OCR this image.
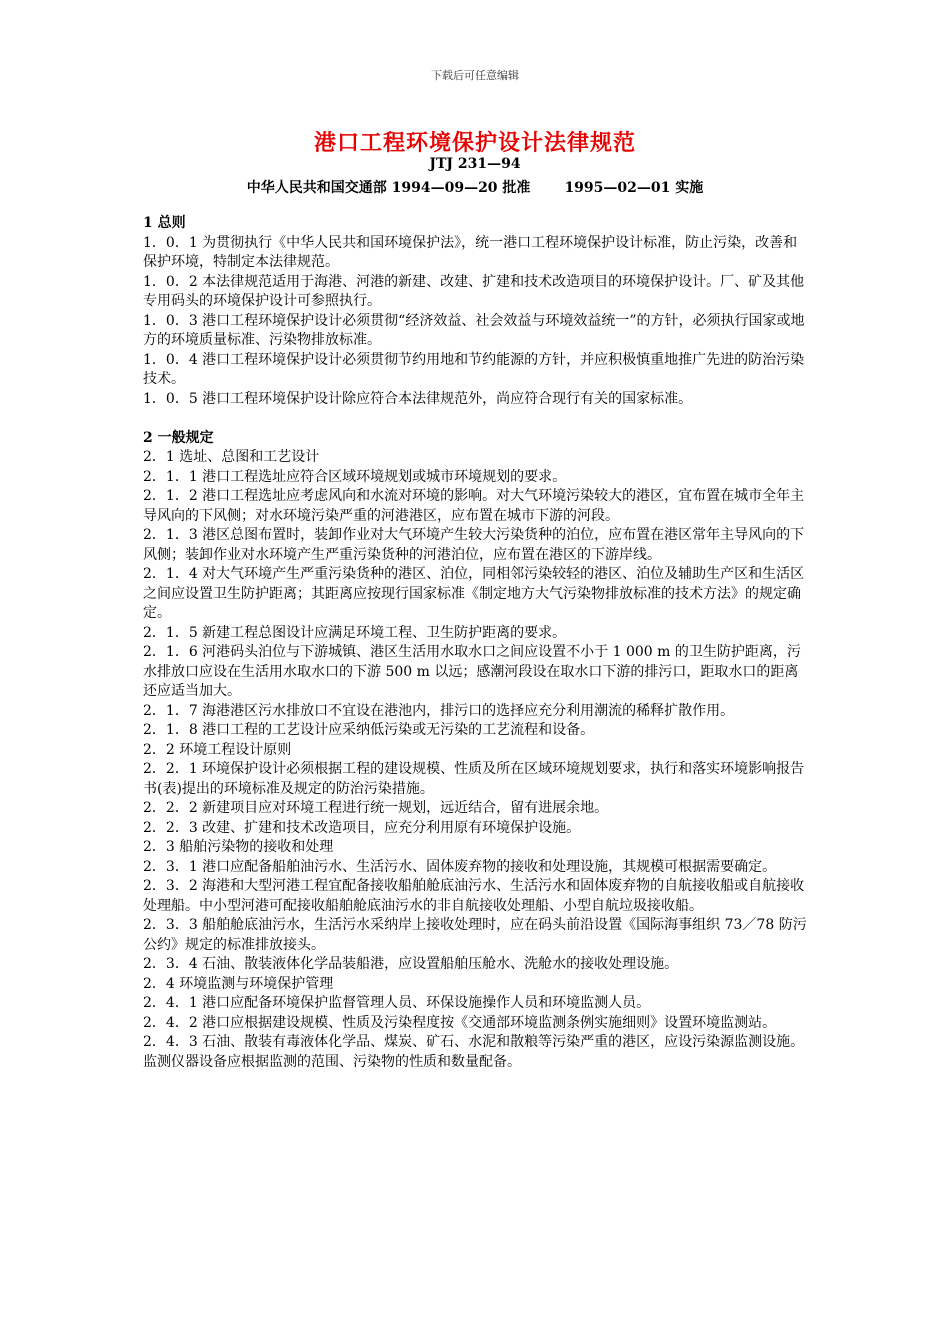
下载后可任意编辑
港口工程环境保护设计法律规范
JTJ 231—94
中华人民共和国交通部 1994—09—20 批准 1995—02—01 实施

1 总则

1．0．1 为贯彻执行《中华人民共和国环境保护法》，统一港口工程环境保护设计标准，防止污染，改善和保护环境，特制定本法律规范。

1．0．2 本法律规范适用于海港、河港的新建、改建、扩建和技术改造项目的环境保护设计。厂、矿及其他专用码头的环境保护设计可参照执行。

1．0．3 港口工程环境保护设计必须贯彻“经济效益、社会效益与环境效益统一”的方针，必须执行国家或地方的环境质量标准、污染物排放标准。

1．0．4 港口工程环境保护设计必须贯彻节约用地和节约能源的方针，并应积极慎重地推广先进的防治污染技术。

1．0．5 港口工程环境保护设计除应符合本法律规范外，尚应符合现行有关的国家标准。

2 一般规定

2．1 选址、总图和工艺设计

2．1．1 港口工程选址应符合区域环境规划或城市环境规划的要求。

2．1．2 港口工程选址应考虑风向和水流对环境的影响。对大气环境污染较大的港区，宜布置在城市全年主导风向的下风侧；对水环境污染严重的河港港区，应布置在城市下游的河段。

2．1．3 港区总图布置时，装卸作业对大气环境产生较大污染货种的泊位，应布置在港区常年主导风向的下风侧；装卸作业对水环境产生严重污染货种的河港泊位，应布置在港区的下游岸线。

2．1．4 对大气环境产生严重污染货种的港区、泊位，同相邻污染较轻的港区、泊位及辅助生产区和生活区之间应设置卫生防护距离；其距离应按现行国家标准《制定地方大气污染物排放标准的技术方法》的规定确定。

2．1．5 新建工程总图设计应满足环境工程、卫生防护距离的要求。

2．1．6 河港码头泊位与下游城镇、港区生活用水取水口之间应设置不小于 1 000 m 的卫生防护距离，污水排放口应设在生活用水取水口的下游 500 m 以远；感潮河段设在取水口下游的排污口，距取水口的距离还应适当加大。

2．1．7 海港港区污水排放口不宜设在港池内，排污口的选择应充分利用潮流的稀释扩散作用。

2．1．8 港口工程的工艺设计应采纳低污染或无污染的工艺流程和设备。

2．2 环境工程设计原则

2．2．1 环境保护设计必须根据工程的建设规模、性质及所在区域环境规划要求，执行和落实环境影响报告书(表)提出的环境标准及规定的防治污染措施。

2．2．2 新建项目应对环境工程进行统一规划，远近结合，留有进展余地。

2．2．3 改建、扩建和技术改造项目，应充分利用原有环境保护设施。

2．3 船舶污染物的接收和处理

2．3．1 港口应配备船舶油污水、生活污水、固体废弃物的接收和处理设施，其规模可根据需要确定。

2．3．2 海港和大型河港工程宜配备接收船舶舱底油污水、生活污水和固体废弃物的自航接收船或自航接收处理船。中小型河港可配接收船舶舱底油污水的非自航接收处理船、小型自航垃圾接收船。

2．3．3 船舶舱底油污水，生活污水采纳岸上接收处理时，应在码头前沿设置《国际海事组织 73／78 防污公约》规定的标准排放接头。

2．3．4 石油、散装液体化学品装船港，应设置船舶压舱水、洗舱水的接收处理设施。

2．4 环境监测与环境保护管理

2．4．1 港口应配备环境保护监督管理人员、环保设施操作人员和环境监测人员。

2．4．2 港口应根据建设规模、性质及污染程度按《交通部环境监测条例实施细则》设置环境监测站。

2．4．3 石油、散装有毒液体化学品、煤炭、矿石、水泥和散粮等污染严重的港区，应设污染源监测设施。监测仪器设备应根据监测的范围、污染物的性质和数量配备。
